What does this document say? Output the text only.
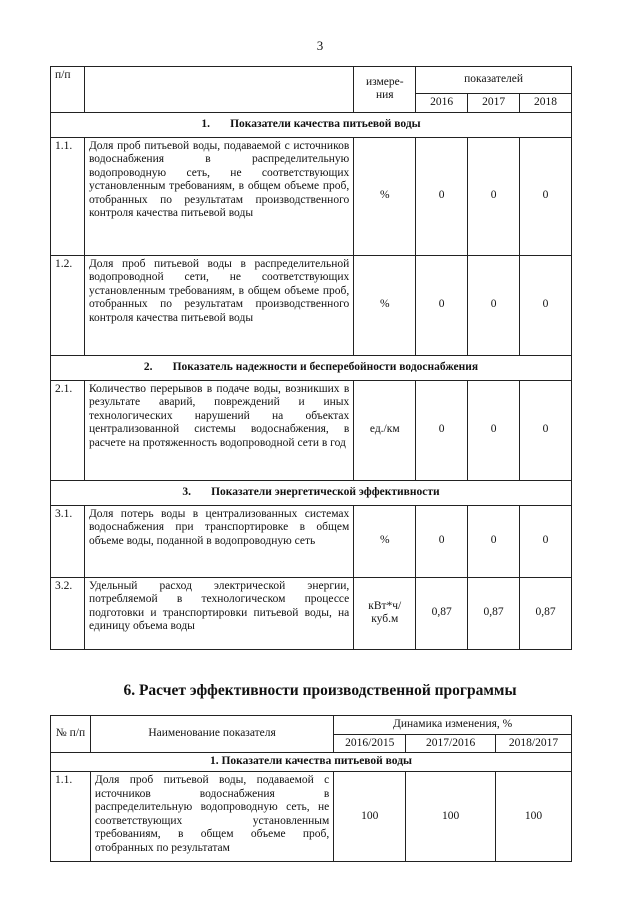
3
п/п		измере-ния	показателей		
			2016	2017	2018
1.       Показатели качества питьевой воды					
1.1.	Доля проб питьевой воды, подаваемой с источников водоснабжения в распределительную водопроводную сеть, не соответствующих установленным требованиям, в общем объеме проб, отобранных по результатам производственного контроля качества питьевой воды	%	0	0	0
1.2.	Доля проб питьевой воды в распределительной водопроводной сети, не соответствующих установленным требованиям, в общем объеме проб, отобранных по результатам производственного контроля качества питьевой воды	%	0	0	0
2.       Показатель надежности и бесперебойности водоснабжения					
2.1.	Количество перерывов в подаче воды, возникших в результате аварий, повреждений и иных технологических нарушений на объектах централизованной системы водоснабжения, в расчете на протяженность водопроводной сети в год	ед./км	0	0	0
3.       Показатели энергетической эффективности					
3.1.	Доля потерь воды в централизованных системах водоснабжения при транспортировке в общем объеме воды, поданной в водопроводную сеть	%	0	0	0
3.2.	Удельный расход электрической энергии, потребляемой в технологическом процессе подготовки и транспортировки питьевой воды, на единицу объема воды	кВт*ч/куб.м	0,87	0,87	0,87
6. Расчет эффективности производственной программы
№ п/п	Наименование показателя	Динамика изменения, %		
		2016/2015	2017/2016	2018/2017
1. Показатели качества питьевой воды				
1.1.	Доля проб питьевой воды, подаваемой с источников водоснабжения в распределительную водопроводную сеть, не соответствующих установленным требованиям, в общем объеме проб, отобранных по результатам	100	100	100
